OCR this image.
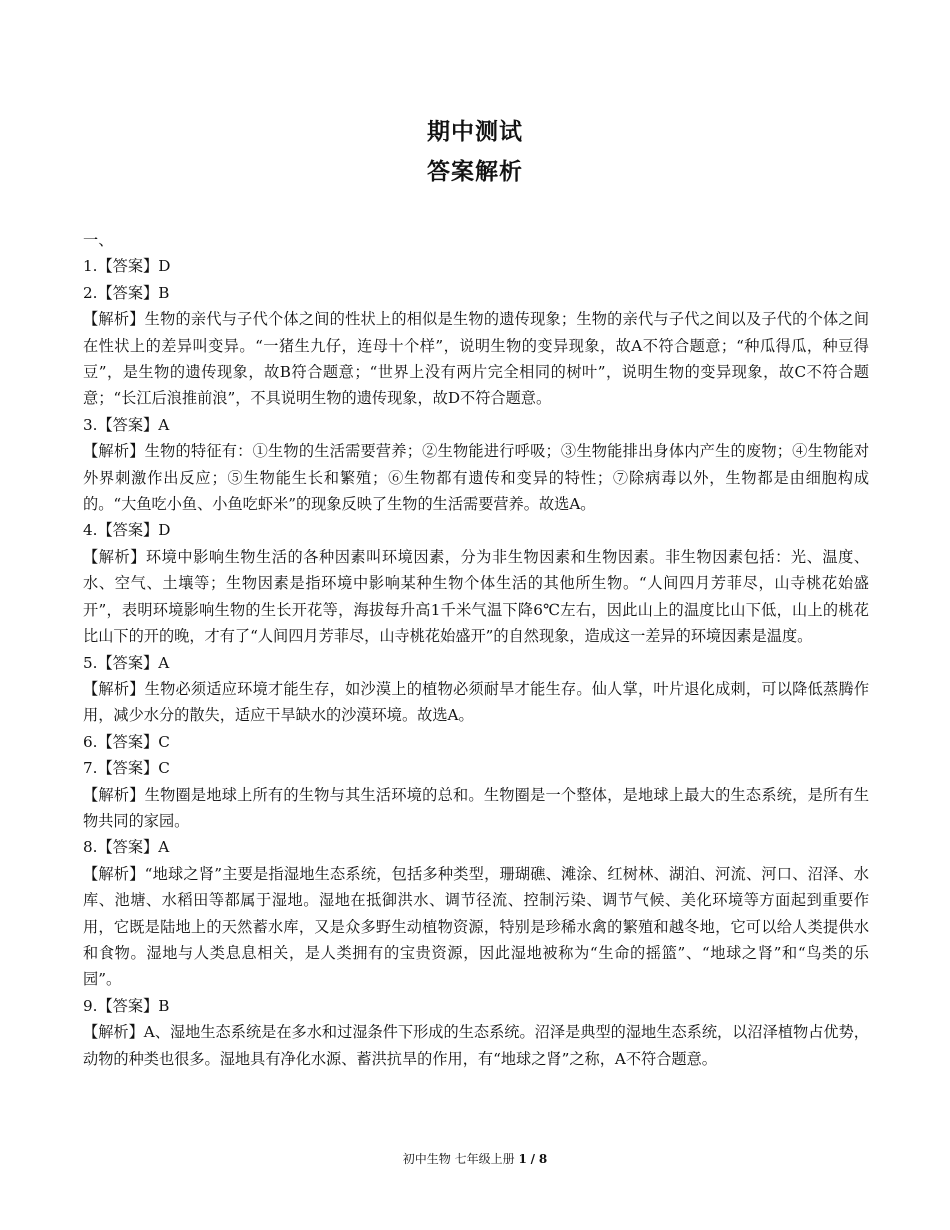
期中测试
答案解析
一、
1.【答案】D
2.【答案】B
【解析】生物的亲代与子代个体之间的性状上的相似是生物的遗传现象；生物的亲代与子代之间以及子代的个体之间在性状上的差异叫变异。“一猪生九仔，连母十个样”，说明生物的变异现象，故A不符合题意；“种瓜得瓜，种豆得豆”，是生物的遗传现象，故B符合题意；“世界上没有两片完全相同的树叶”，说明生物的变异现象，故C不符合题意；“长江后浪推前浪”，不具说明生物的遗传现象，故D不符合题意。
3.【答案】A
【解析】生物的特征有：①生物的生活需要营养；②生物能进行呼吸；③生物能排出身体内产生的废物；④生物能对外界刺激作出反应；⑤生物能生长和繁殖；⑥生物都有遗传和变异的特性；⑦除病毒以外，生物都是由细胞构成的。“大鱼吃小鱼、小鱼吃虾米”的现象反映了生物的生活需要营养。故选A。
4.【答案】D
【解析】环境中影响生物生活的各种因素叫环境因素，分为非生物因素和生物因素。非生物因素包括：光、温度、水、空气、土壤等；生物因素是指环境中影响某种生物个体生活的其他所生物。“人间四月芳菲尽，山寺桃花始盛开”，表明环境影响生物的生长开花等，海拔每升高1千米气温下降6℃左右，因此山上的温度比山下低，山上的桃花比山下的开的晚，才有了“人间四月芳菲尽，山寺桃花始盛开”的自然现象，造成这一差异的环境因素是温度。
5.【答案】A
【解析】生物必须适应环境才能生存，如沙漠上的植物必须耐旱才能生存。仙人掌，叶片退化成刺，可以降低蒸腾作用，减少水分的散失，适应干旱缺水的沙漠环境。故选A。
6.【答案】C
7.【答案】C
【解析】生物圈是地球上所有的生物与其生活环境的总和。生物圈是一个整体，是地球上最大的生态系统，是所有生物共同的家园。
8.【答案】A
【解析】“地球之肾”主要是指湿地生态系统，包括多种类型，珊瑚礁、滩涂、红树林、湖泊、河流、河口、沼泽、水库、池塘、水稻田等都属于湿地。湿地在抵御洪水、调节径流、控制污染、调节气候、美化环境等方面起到重要作用，它既是陆地上的天然蓄水库，又是众多野生动植物资源，特别是珍稀水禽的繁殖和越冬地，它可以给人类提供水和食物。湿地与人类息息相关，是人类拥有的宝贵资源，因此湿地被称为“生命的摇篮”、“地球之肾”和“鸟类的乐园”。
9.【答案】B
【解析】A、湿地生态系统是在多水和过湿条件下形成的生态系统。沼泽是典型的湿地生态系统，以沼泽植物占优势，动物的种类也很多。湿地具有净化水源、蓄洪抗旱的作用，有“地球之肾”之称，A不符合题意。
初中生物 七年级上册 1 / 8
